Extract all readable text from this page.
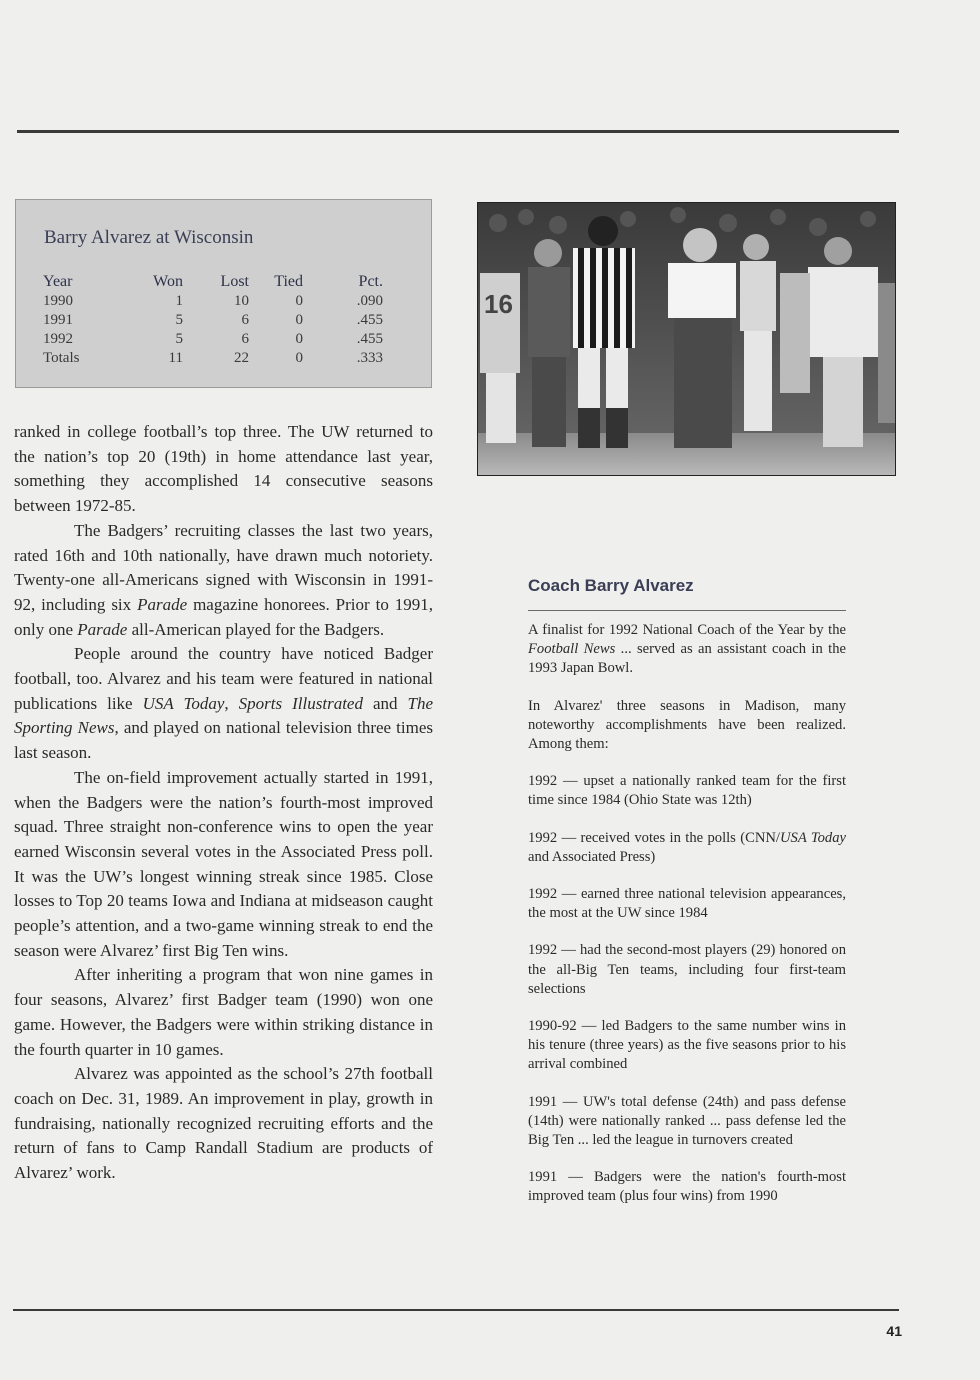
Barry Alvarez at Wisconsin
Year	Won	Lost	Tied	Pct.
1990	1	10	0	.090
1991	5	6	0	.455
1992	5	6	0	.455
Totals	11	22	0	.333
16

ranked in college football’s top three. The UW returned to the nation’s top 20 (19th) in home attendance last year, something they accomplished 14 consecutive seasons between 1972-85.

The Badgers’ recruiting classes the last two years, rated 16th and 10th nationally, have drawn much notoriety. Twenty-one all-Americans signed with Wisconsin in 1991-92, including six Parade magazine honorees. Prior to 1991, only one Parade all-American played for the Badgers.

People around the country have noticed Badger football, too. Alvarez and his team were featured in national publications like USA Today, Sports Illustrated and The Sporting News, and played on national television three times last season.

The on-field improvement actually started in 1991, when the Badgers were the nation’s fourth-most improved squad. Three straight non-conference wins to open the year earned Wisconsin several votes in the Associated Press poll. It was the UW’s longest winning streak since 1985. Close losses to Top 20 teams Iowa and Indiana at midseason caught people’s attention, and a two-game winning streak to end the season were Alvarez’ first Big Ten wins.

After inheriting a program that won nine games in four seasons, Alvarez’ first Badger team (1990) won one game. However, the Badgers were within striking distance in the fourth quarter in 10 games.

Alvarez was appointed as the school’s 27th football coach on Dec. 31, 1989. An improvement in play, growth in fundraising, nationally recognized recruiting efforts and the return of fans to Camp Randall Stadium are products of Alvarez’ work.

Coach Barry Alvarez

A finalist for 1992 National Coach of the Year by the Football News ... served as an assistant coach in the 1993 Japan Bowl.

In Alvarez' three seasons in Madison, many noteworthy accomplishments have been realized. Among them:

1992 — upset a nationally ranked team for the first time since 1984 (Ohio State was 12th)

1992 — received votes in the polls (CNN/USA Today and Associated Press)

1992 — earned three national television appearances, the most at the UW since 1984

1992 — had the second-most players (29) honored on the all-Big Ten teams, including four first-team selections

1990-92 — led Badgers to the same number wins in his tenure (three years) as the five seasons prior to his arrival combined

1991 — UW's total defense (24th) and pass defense (14th) were nationally ranked ... pass defense led the Big Ten ... led the league in turnovers created

1991 — Badgers were the nation's fourth-most improved team (plus four wins) from 1990

41
